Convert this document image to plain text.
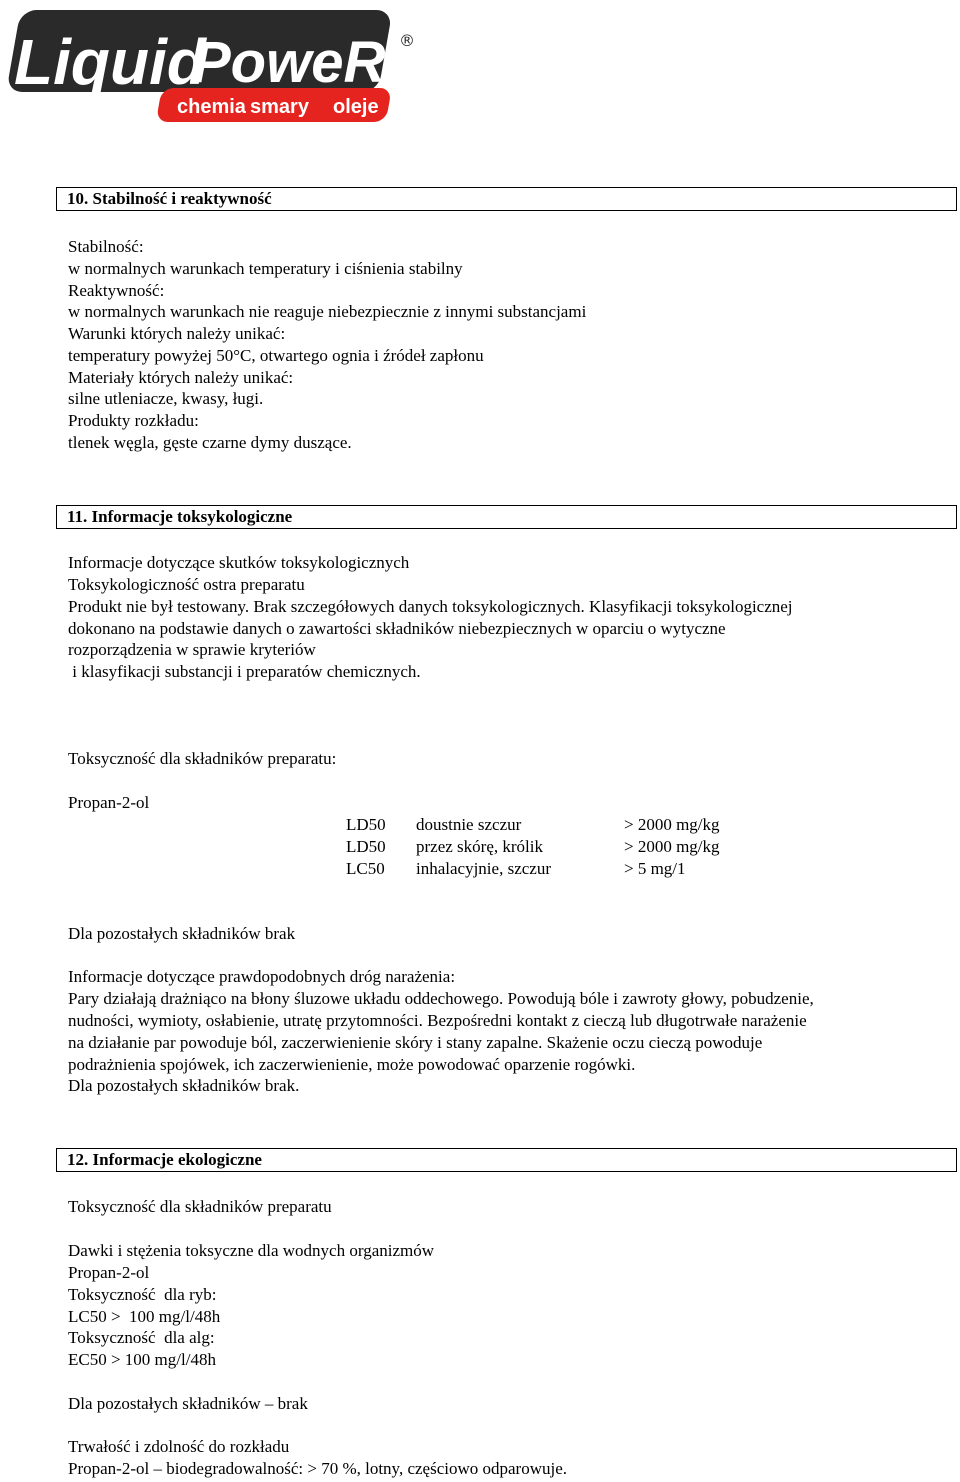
Liquid
PoweR ®
chemia smary oleje
10. Stabilność i reaktywność
Stabilność:
w normalnych warunkach temperatury i ciśnienia stabilny
Reaktywność:
w normalnych warunkach nie reaguje niebezpiecznie z innymi substancjami
Warunki których należy unikać:
temperatury powyżej 50°C, otwartego ognia i źródeł zapłonu
Materiały których należy unikać:
silne utleniacze, kwasy, ługi.
Produkty rozkładu:
tlenek węgla, gęste czarne dymy duszące.
11. Informacje toksykologiczne
Informacje dotyczące skutków toksykologicznych
Toksykologiczność ostra preparatu
Produkt nie był testowany. Brak szczegółowych danych toksykologicznych. Klasyfikacji toksykologicznej
dokonano na podstawie danych o zawartości składników niebezpiecznych w oparciu o wytyczne
rozporządzenia w sprawie kryteriów
i klasyfikacji substancji i preparatów chemicznych.
Toksyczność dla składników preparatu:
Propan-2-ol
LD50 doustnie szczur	> 2000 mg/kg
LD50 przez skórę, królik	> 2000 mg/kg
LC50 inhalacyjnie, szczur	> 5 mg/1
Dla pozostałych składników brak
Informacje dotyczące prawdopodobnych dróg narażenia:
Pary działają drażniąco na błony śluzowe układu oddechowego. Powodują bóle i zawroty głowy, pobudzenie,
nudności, wymioty, osłabienie, utratę przytomności. Bezpośredni kontakt z cieczą lub długotrwałe narażenie
na działanie par powoduje ból, zaczerwienienie skóry i stany zapalne. Skażenie oczu cieczą powoduje
podrażnienia spojówek, ich zaczerwienienie, może powodować oparzenie rogówki.
Dla pozostałych składników brak.
12. Informacje ekologiczne
Toksyczność dla składników preparatu
Dawki i stężenia toksyczne dla wodnych organizmów
Propan-2-ol
Toksyczność  dla ryb:
LC50 >  100 mg/l/48h
Toksyczność  dla alg:
EC50 > 100 mg/l/48h
Dla pozostałych składników – brak
Trwałość i zdolność do rozkładu
Propan-2-ol – biodegradowalność: > 70 %, lotny, częściowo odparowuje.
